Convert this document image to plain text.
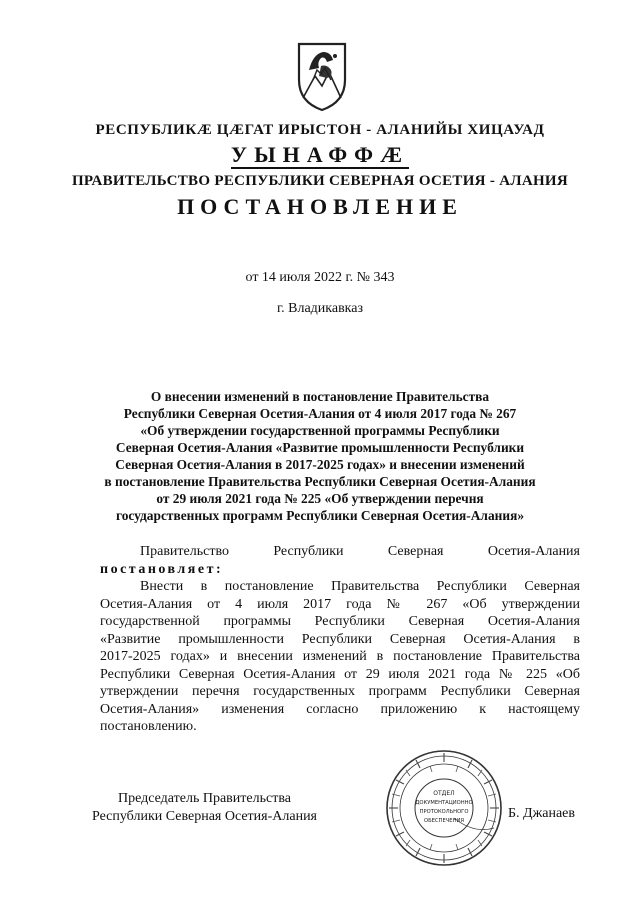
РЕСПУБЛИКӔ ЦӔГАТ ИРЫСТОН - АЛАНИЙЫ ХИЦАУАД
УЫНАФФӔ
ПРАВИТЕЛЬСТВО РЕСПУБЛИКИ СЕВЕРНАЯ ОСЕТИЯ - АЛАНИЯ
ПОСТАНОВЛЕНИЕ
от 14 июля 2022 г. № 343
г. Владикавказ
О внесении изменений в постановление Правительства
Республики Северная Осетия-Алания от 4 июля 2017 года № 267
«Об утверждении государственной программы Республики
Северная Осетия-Алания «Развитие промышленности Республики
Северная Осетия-Алания в 2017-2025 годах» и внесении изменений
в постановление Правительства Республики Северная Осетия-Алания
от 29 июля 2021 года № 225 «Об утверждении перечня
государственных программ Республики Северная Осетия-Алания»
Правительство Республики Северная Осетия-Алания
постановляет:
Внести в постановление Правительства Республики Северная
Осетия-Алания от 4 июля 2017 года № 267 «Об утверждении
государственной программы Республики Северная Осетия-Алания
«Развитие промышленности Республики Северная Осетия-Алания в
2017-2025 годах» и внесении изменений в постановление Правительства
Республики Северная Осетия-Алания от 29 июля 2021 года № 225 «Об
утверждении перечня государственных программ Республики Северная
Осетия-Алания» изменения согласно приложению к настоящему
постановлению.
Председатель Правительства
Республики Северная Осетия-Алания
ОТДЕЛ
ДОКУМЕНТАЦИОННО
ПРОТОКОЛЬНОГО
ОБЕСПЕЧЕНИЯ	Б. Джанаев
